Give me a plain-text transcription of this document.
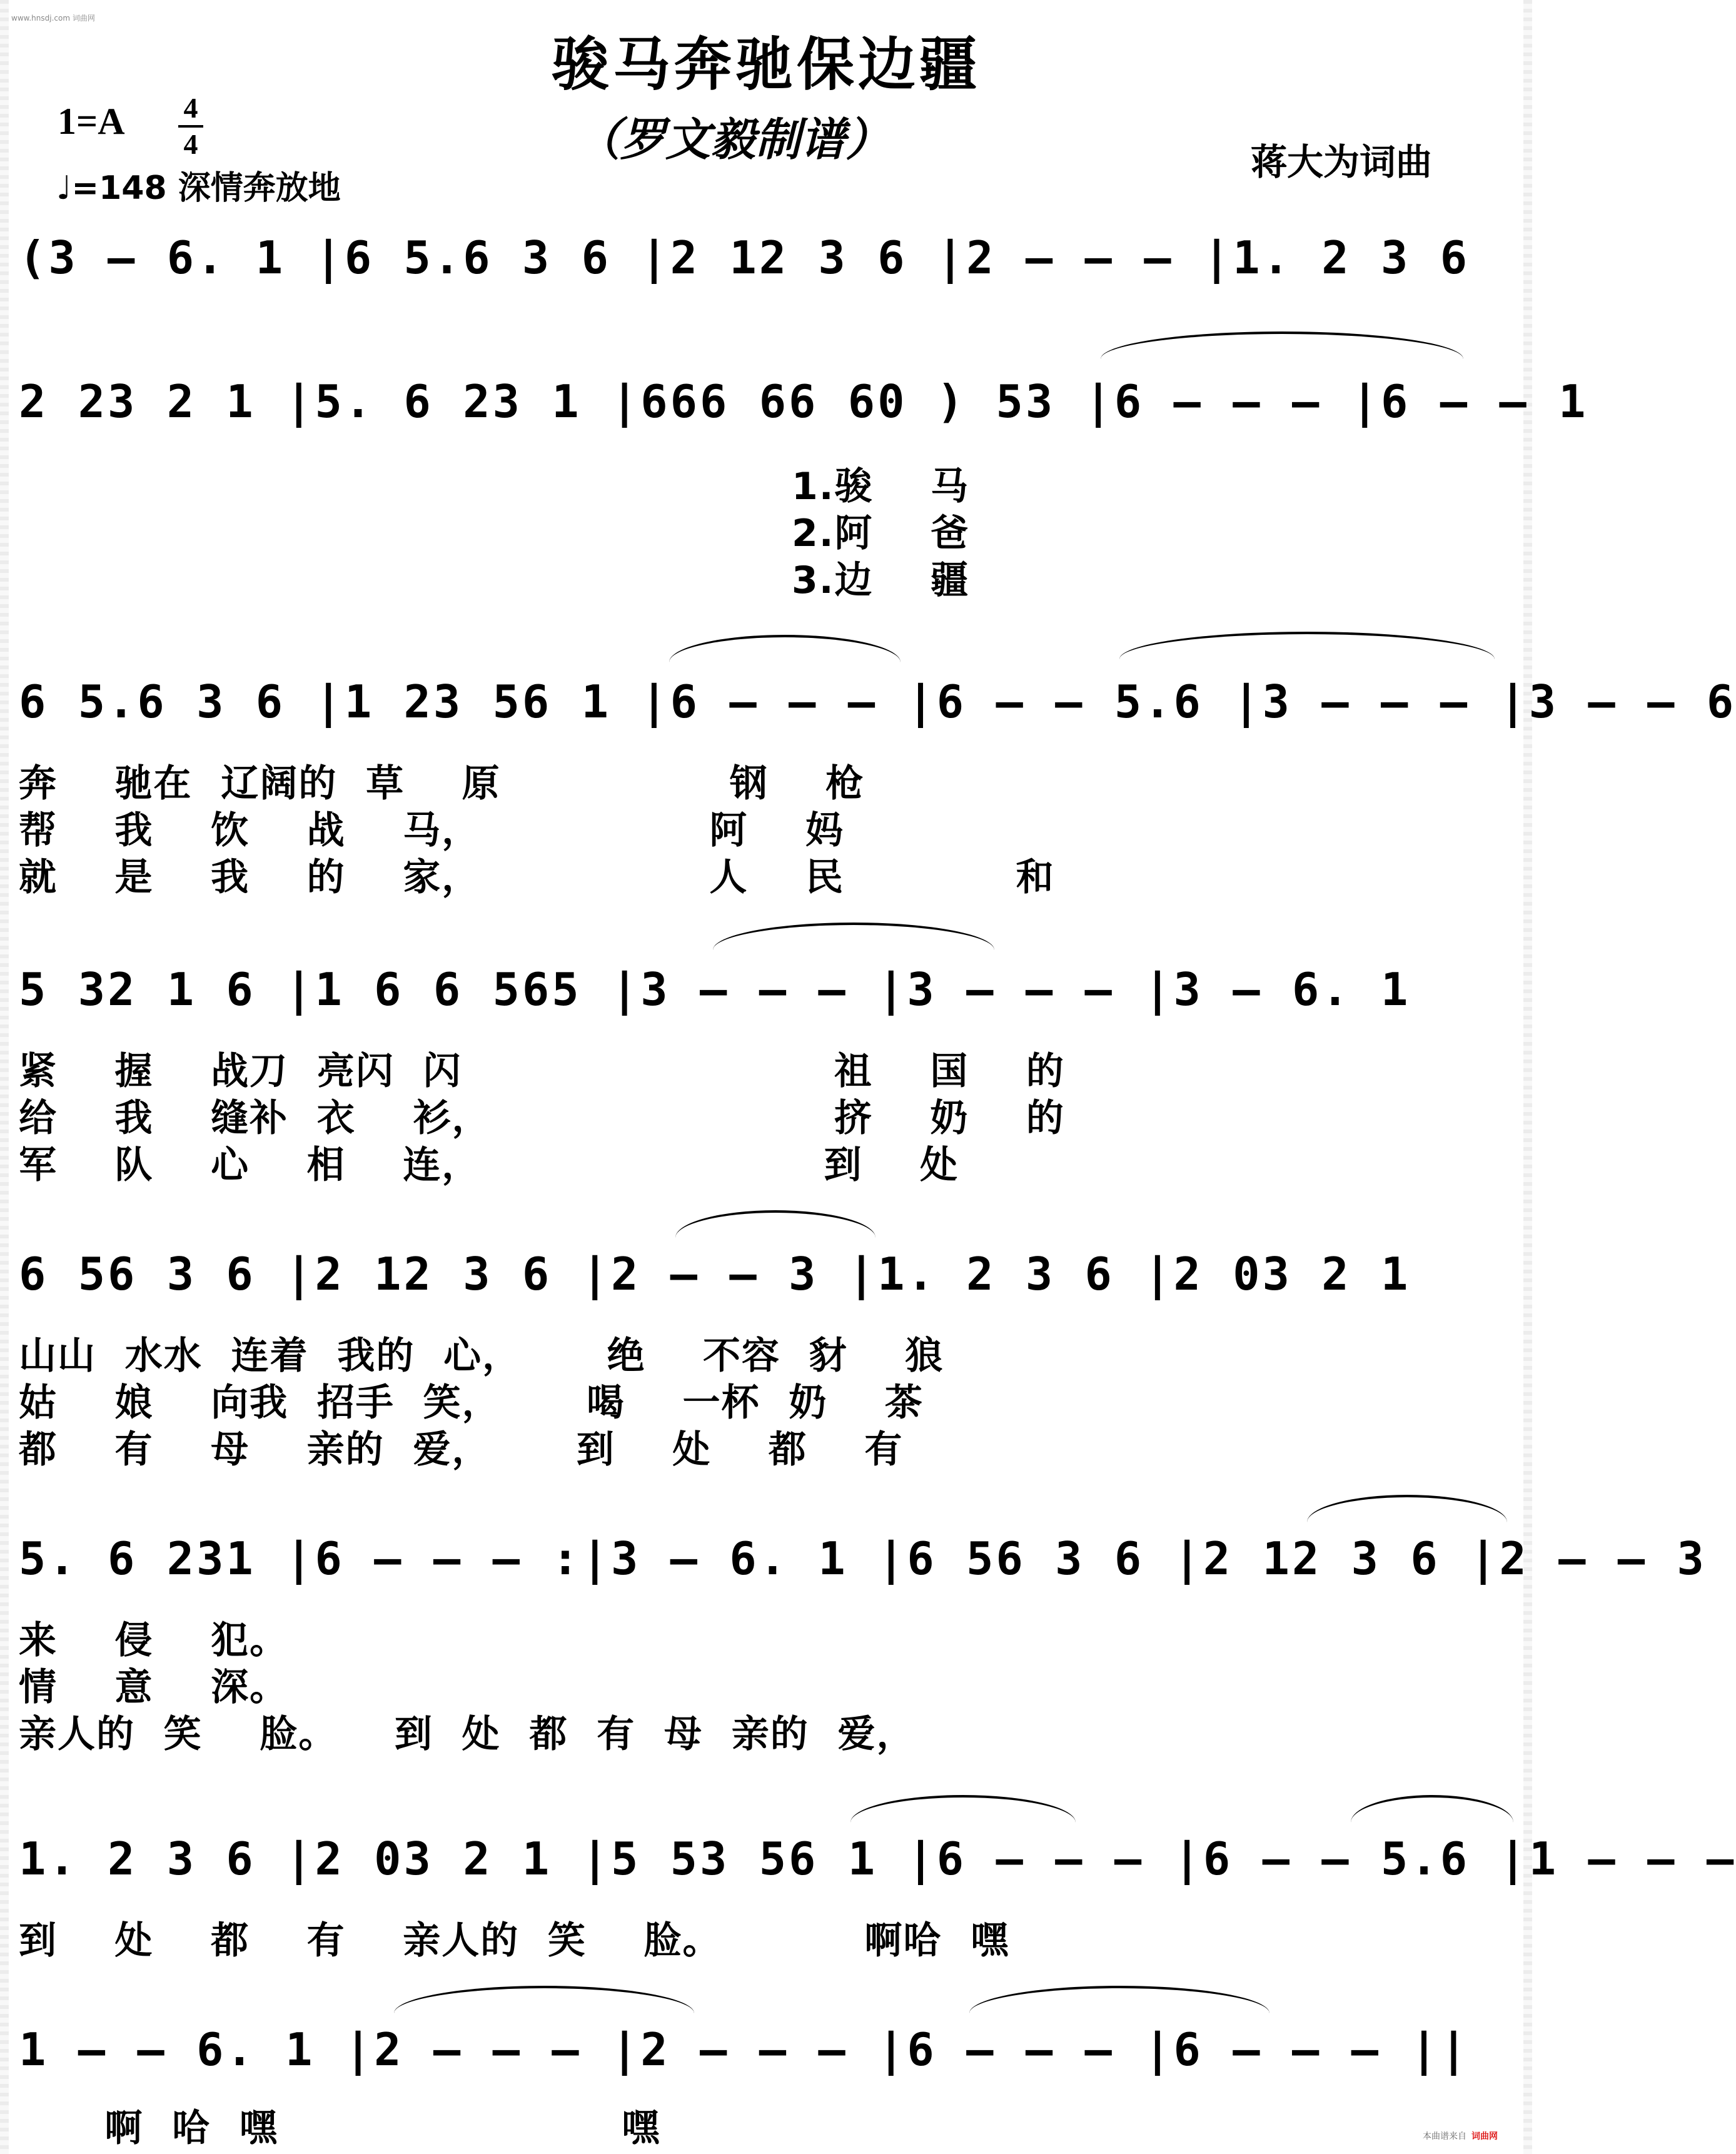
www.hnsdj.com 词曲网
骏马奔驰保边疆
（罗文毅制谱）
1=A 4
4
♩=148 深情奔放地
蒋大为词曲
(3 – 6. 1 |6 5.6 3 6 |2 12 3 6 |2 – – – |1. 2 3 6
2 23 2 1 |5. 6 23 1 |666 66 60 ) 53 |6 – – – |6 – – 1
1.骏    马
2.阿    爸
3.边    疆
6 5.6 3 6 |1 23 56 1 |6 – – – |6 – – 5.6 |3 – – – |3 – – 6
奔    驰在  辽阔的  草    原                钢    枪
帮    我    饮    战    马，                阿    妈
就    是    我    的    家，                人    民            和
5 32 1 6 |1 6 6 565 |3 – – – |3 – – – |3 – 6. 1
紧    握    战刀  亮闪  闪                          祖    国    的
给    我    缝补  衣    衫，                        挤    奶    的
军    队    心    相    连，                        到    处
6 56 3 6 |2 12 3 6 |2 – – 3 |1. 2 3 6 |2 03 2 1
山山  水水  连着  我的  心，      绝    不容  豺    狼
姑    娘    向我  招手  笑，      喝    一杯  奶    茶
都    有    母    亲的  爱，      到    处    都    有
5. 6 231 |6 – – – :|3 – 6. 1 |6 56 3 6 |2 12 3 6 |2 – – 3
来    侵    犯。
情    意    深。
亲人的  笑    脸。    到  处  都  有  母  亲的  爱，
1. 2 3 6 |2 03 2 1 |5 53 56 1 |6 – – – |6 – – 5.6 |1 – – –
到    处    都    有    亲人的  笑    脸。          啊哈  嘿
1 – – 6. 1 |2 – – – |2 – – – |6 – – – |6 – – – ||
啊  哈  嘿                        嘿	本曲谱来自 词曲网
